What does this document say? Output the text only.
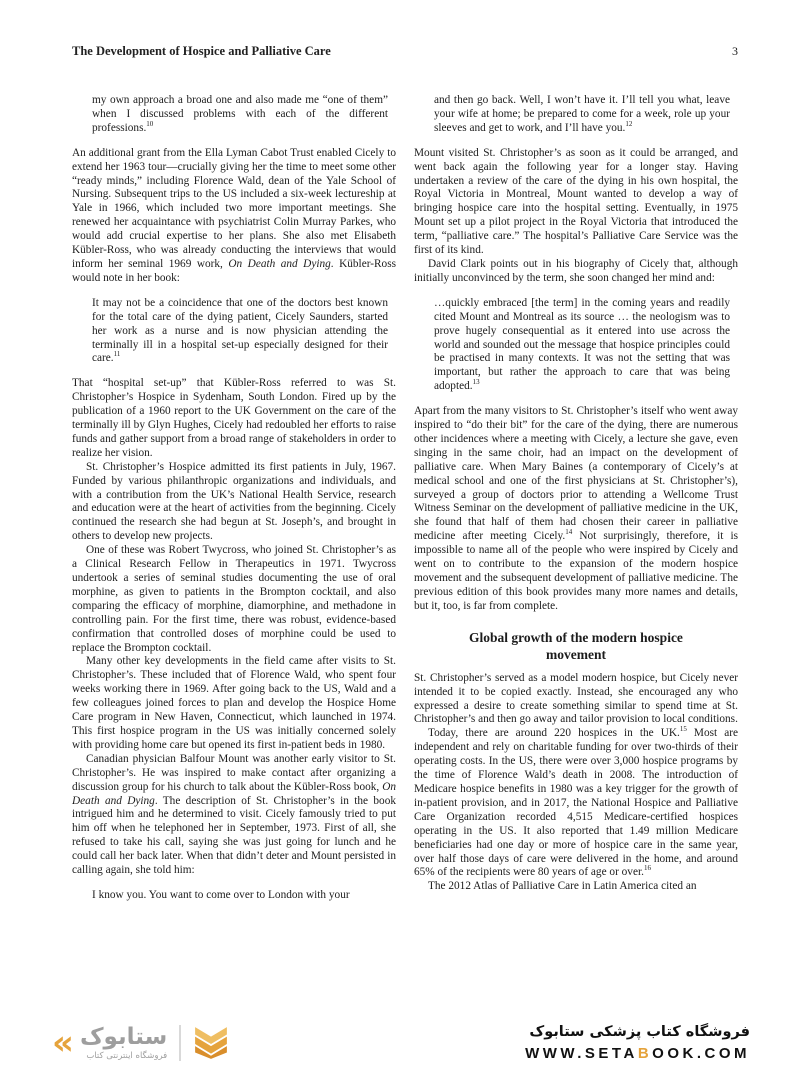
The Development of Hospice and Palliative Care	3

my own approach a broad one and also made me “one of them” when I discussed problems with each of the different professions.$^{10}$

An additional grant from the Ella Lyman Cabot Trust enabled Cicely to extend her 1963 tour—crucially giving her the time to meet some other “ready minds,” including Florence Wald, dean of the Yale School of Nursing. Subsequent trips to the US included a six-week lectureship at Yale in 1966, which included two more important meetings. She renewed her acquaintance with psychiatrist Colin Murray Parkes, who would add crucial expertise to her plans. She also met Elisabeth Kübler-Ross, who was already conducting the interviews that would inform her seminal 1969 work, On Death and Dying. Kübler-Ross would note in her book:

It may not be a coincidence that one of the doctors best known for the total care of the dying patient, Cicely Saunders, started her work as a nurse and is now physician attending the terminally ill in a hospital set-up especially designed for their care.$^{11}$

That “hospital set-up” that Kübler-Ross referred to was St. Christopher’s Hospice in Sydenham, South London. Fired up by the publication of a 1960 report to the UK Government on the care of the terminally ill by Glyn Hughes, Cicely had redoubled her efforts to raise funds and gather support from a broad range of stakeholders in order to realize her vision.

St. Christopher’s Hospice admitted its first patients in July, 1967. Funded by various philanthropic organizations and individuals, and with a contribution from the UK’s National Health Service, research and education were at the heart of activities from the beginning. Cicely continued the research she had begun at St. Joseph’s, and brought in others to develop new projects.

One of these was Robert Twycross, who joined St. Christopher’s as a Clinical Research Fellow in Therapeutics in 1971. Twycross undertook a series of seminal studies documenting the use of oral morphine, as given to patients in the Brompton cocktail, and also comparing the efficacy of morphine, diamorphine, and methadone in controlling pain. For the first time, there was robust, evidence-based confirmation that controlled doses of morphine could be used to replace the Brompton cocktail.

Many other key developments in the field came after visits to St. Christopher’s. These included that of Florence Wald, who spent four weeks working there in 1969. After going back to the US, Wald and a few colleagues joined forces to plan and develop the Hospice Home Care program in New Haven, Connecticut, which launched in 1974. This first hospice program in the US was initially concerned solely with providing home care but opened its first in-patient beds in 1980.

Canadian physician Balfour Mount was another early visitor to St. Christopher’s. He was inspired to make contact after organizing a discussion group for his church to talk about the Kübler-Ross book, On Death and Dying. The description of St. Christopher’s in the book intrigued him and he determined to visit. Cicely famously tried to put him off when he telephoned her in September, 1973. First of all, she refused to take his call, saying she was just going for lunch and he could call her back later. When that didn’t deter and Mount persisted in calling again, she told him:

I know you. You want to come over to London with your

and then go back. Well, I won’t have it. I’ll tell you what, leave your wife at home; be prepared to come for a week, role up your sleeves and get to work, and I’ll have you.$^{12}$

Mount visited St. Christopher’s as soon as it could be arranged, and went back again the following year for a longer stay. Having undertaken a review of the care of the dying in his own hospital, the Royal Victoria in Montreal, Mount wanted to develop a way of bringing hospice care into the hospital setting. Eventually, in 1975 Mount set up a pilot project in the Royal Victoria that introduced the term, “palliative care.” The hospital’s Palliative Care Service was the first of its kind.

David Clark points out in his biography of Cicely that, although initially unconvinced by the term, she soon changed her mind and:

…quickly embraced [the term] in the coming years and readily cited Mount and Montreal as its source … the neologism was to prove hugely consequential as it entered into use across the world and sounded out the message that hospice principles could be practised in many contexts. It was not the setting that was important, but rather the approach to care that was being adopted.$^{13}$

Apart from the many visitors to St. Christopher’s itself who went away inspired to “do their bit” for the care of the dying, there are numerous other incidences where a meeting with Cicely, a lecture she gave, even singing in the same choir, had an impact on the development of palliative care. When Mary Baines (a contemporary of Cicely’s at medical school and one of the first physicians at St. Christopher’s), surveyed a group of doctors prior to attending a Wellcome Trust Witness Seminar on the development of palliative medicine in the UK, she found that half of them had chosen their career in palliative medicine after meeting Cicely.$^{14}$ Not surprisingly, therefore, it is impossible to name all of the people who were inspired by Cicely and went on to contribute to the expansion of the modern hospice movement and the subsequent development of palliative medicine. The previous edition of this book provides many more names and details, but it, too, is far from complete.

Global growth of the modern hospice movement

St. Christopher’s served as a model modern hospice, but Cicely never intended it to be copied exactly. Instead, she encouraged any who expressed a desire to create something similar to spend time at St. Christopher’s and then go away and tailor provision to local conditions.

Today, there are around 220 hospices in the UK.$^{15}$ Most are independent and rely on charitable funding for over two-thirds of their operating costs. In the US, there were over 3,000 hospice programs by the time of Florence Wald’s death in 2008. The introduction of Medicare hospice benefits in 1980 was a key trigger for the growth of in-patient provision, and in 2017, the National Hospice and Palliative Care Organization recorded 4,515 Medicare-certified hospices operating in the US. It also reported that 1.49 million Medicare beneficiaries had one day or more of hospice care in the same year, over half those days of care were delivered in the home, and around 65% of the recipients were 80 years of age or over.$^{16}$

The 2012 Atlas of Palliative Care in Latin America cited an

« ستابوک
فروشگاه اینترنتی کتاب
فروشگاه کتاب پزشکی ستابوک
WWW.SETABOOK.COM
